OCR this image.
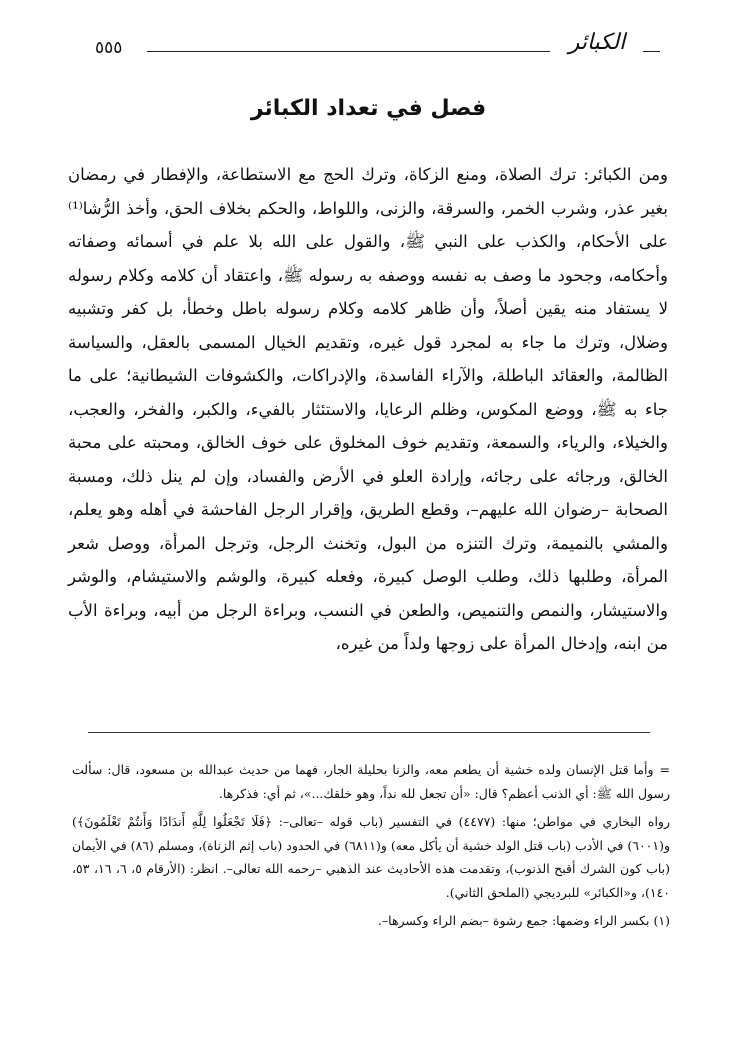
٥٥٥	الكبائر
فصل في تعداد الكبائر

ومن الكبائر: ترك الصلاة، ومنع الزكاة، وترك الحج مع الاستطاعة، والإفطار في رمضان بغير عذر، وشرب الخمر، والسرقة، والزنى، واللواط، والحكم بخلاف الحق، وأخذ الرُّشا⁽¹⁾ على الأحكام، والكذب على النبي ﷺ، والقول على الله بلا علم في أسمائه وصفاته وأحكامه، وجحود ما وصف به نفسه ووصفه به رسوله ﷺ، واعتقاد أن كلامه وكلام رسوله لا يستفاد منه يقين أصلاً، وأن ظاهر كلامه وكلام رسوله باطل وخطأ، بل كفر وتشبيه وضلال، وترك ما جاء به لمجرد قول غيره، وتقديم الخيال المسمى بالعقل، والسياسة الظالمة، والعقائد الباطلة، والآراء الفاسدة، والإدراكات، والكشوفات الشيطانية؛ على ما جاء به ﷺ، ووضع المكوس، وظلم الرعايا، والاستئثار بالفيء، والكبر، والفخر، والعجب، والخيلاء، والرياء، والسمعة، وتقديم خوف المخلوق على خوف الخالق، ومحبته على محبة الخالق، ورجائه على رجائه، وإرادة العلو في الأرض والفساد، وإن لم ينل ذلك، ومسبة الصحابة –رضوان الله عليهم–، وقطع الطريق، وإقرار الرجل الفاحشة في أهله وهو يعلم، والمشي بالنميمة، وترك التنزه من البول، وتخنث الرجل، وترجل المرأة، ووصل شعر المرأة، وطلبها ذلك، وطلب الوصل كبيرة، وفعله كبيرة، والوشم والاستيشام، والوشر والاستيشار، والنمص والتنميص، والطعن في النسب، وبراءة الرجل من أبيه، وبراءة الأب من ابنه، وإدخال المرأة على زوجها ولداً من غيره،

=وأما قتل الإنسان ولده خشية أن يطعم معه، والزنا بحليلة الجار، فهما من حديث عبدالله بن مسعود، قال: سألت رسول الله ﷺ: أي الذنب أعظم؟ قال: «أن تجعل لله نداً، وهو خلقك...»، ثم أي: فذكرها.

رواه البخاري في مواطن؛ منها: (٤٤٧٧) في التفسير (باب قوله –تعالى–: ﴿فَلَا تَجْعَلُوا لِلَّهِ أَندَادًا وَأَنتُمْ تَعْلَمُونَ﴾) و(٦٠٠١) في الأدب (باب قتل الولد خشية أن يأكل معه) و(٦٨١١) في الحدود (باب إثم الزناة)، ومسلم (٨٦) في الأيمان (باب كون الشرك أقبح الذنوب)، وتقدمت هذه الأحاديث عند الذهبي –رحمه الله تعالى–. انظر: (الأرقام ٥، ٦، ١٦، ٥٣، ١٤٠)، و«الكبائر» للبرديجي (الملحق الثاني).

(١) بكسر الراء وضمها: جمع رشوة –بضم الراء وكسرها–.
